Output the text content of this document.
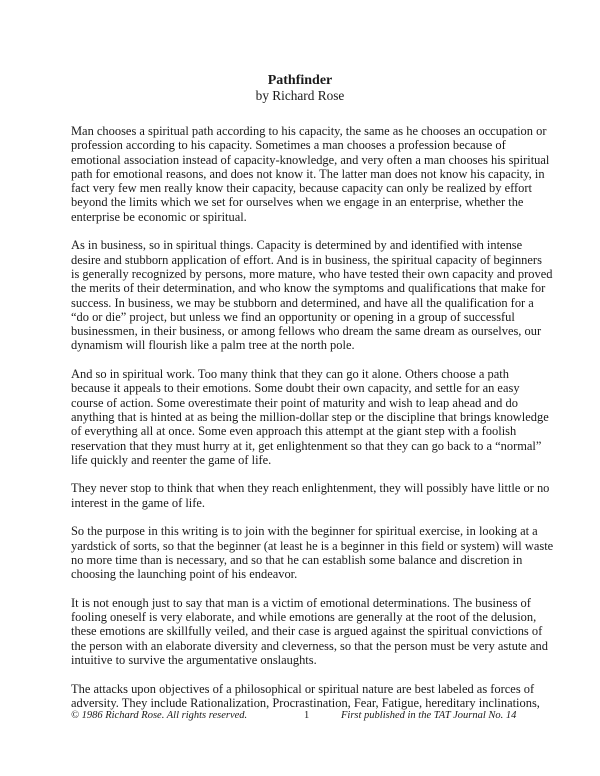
Pathfinder
by Richard Rose

Man chooses a spiritual path according to his capacity, the same as he chooses an occupation or
profession according to his capacity. Sometimes a man chooses a profession because of
emotional association instead of capacity-knowledge, and very often a man chooses his spiritual
path for emotional reasons, and does not know it. The latter man does not know his capacity, in
fact very few men really know their capacity, because capacity can only be realized by effort
beyond the limits which we set for ourselves when we engage in an enterprise, whether the
enterprise be economic or spiritual.

As in business, so in spiritual things. Capacity is determined by and identified with intense
desire and stubborn application of effort. And is in business, the spiritual capacity of beginners
is generally recognized by persons, more mature, who have tested their own capacity and proved
the merits of their determination, and who know the symptoms and qualifications that make for
success. In business, we may be stubborn and determined, and have all the qualification for a
“do or die” project, but unless we find an opportunity or opening in a group of successful
businessmen, in their business, or among fellows who dream the same dream as ourselves, our
dynamism will flourish like a palm tree at the north pole.

And so in spiritual work. Too many think that they can go it alone. Others choose a path
because it appeals to their emotions. Some doubt their own capacity, and settle for an easy
course of action. Some overestimate their point of maturity and wish to leap ahead and do
anything that is hinted at as being the million-dollar step or the discipline that brings knowledge
of everything all at once. Some even approach this attempt at the giant step with a foolish
reservation that they must hurry at it, get enlightenment so that they can go back to a “normal”
life quickly and reenter the game of life.

They never stop to think that when they reach enlightenment, they will possibly have little or no
interest in the game of life.

So the purpose in this writing is to join with the beginner for spiritual exercise, in looking at a
yardstick of sorts, so that the beginner (at least he is a beginner in this field or system) will waste
no more time than is necessary, and so that he can establish some balance and discretion in
choosing the launching point of his endeavor.

It is not enough just to say that man is a victim of emotional determinations. The business of
fooling oneself is very elaborate, and while emotions are generally at the root of the delusion,
these emotions are skillfully veiled, and their case is argued against the spiritual convictions of
the person with an elaborate diversity and cleverness, so that the person must be very astute and
intuitive to survive the argumentative onslaughts.

The attacks upon objectives of a philosophical or spiritual nature are best labeled as forces of
adversity. They include Rationalization, Procrastination, Fear, Fatigue, hereditary inclinations,

© 1986 Richard Rose. All rights reserved.	1	First published in the TAT Journal No. 14
